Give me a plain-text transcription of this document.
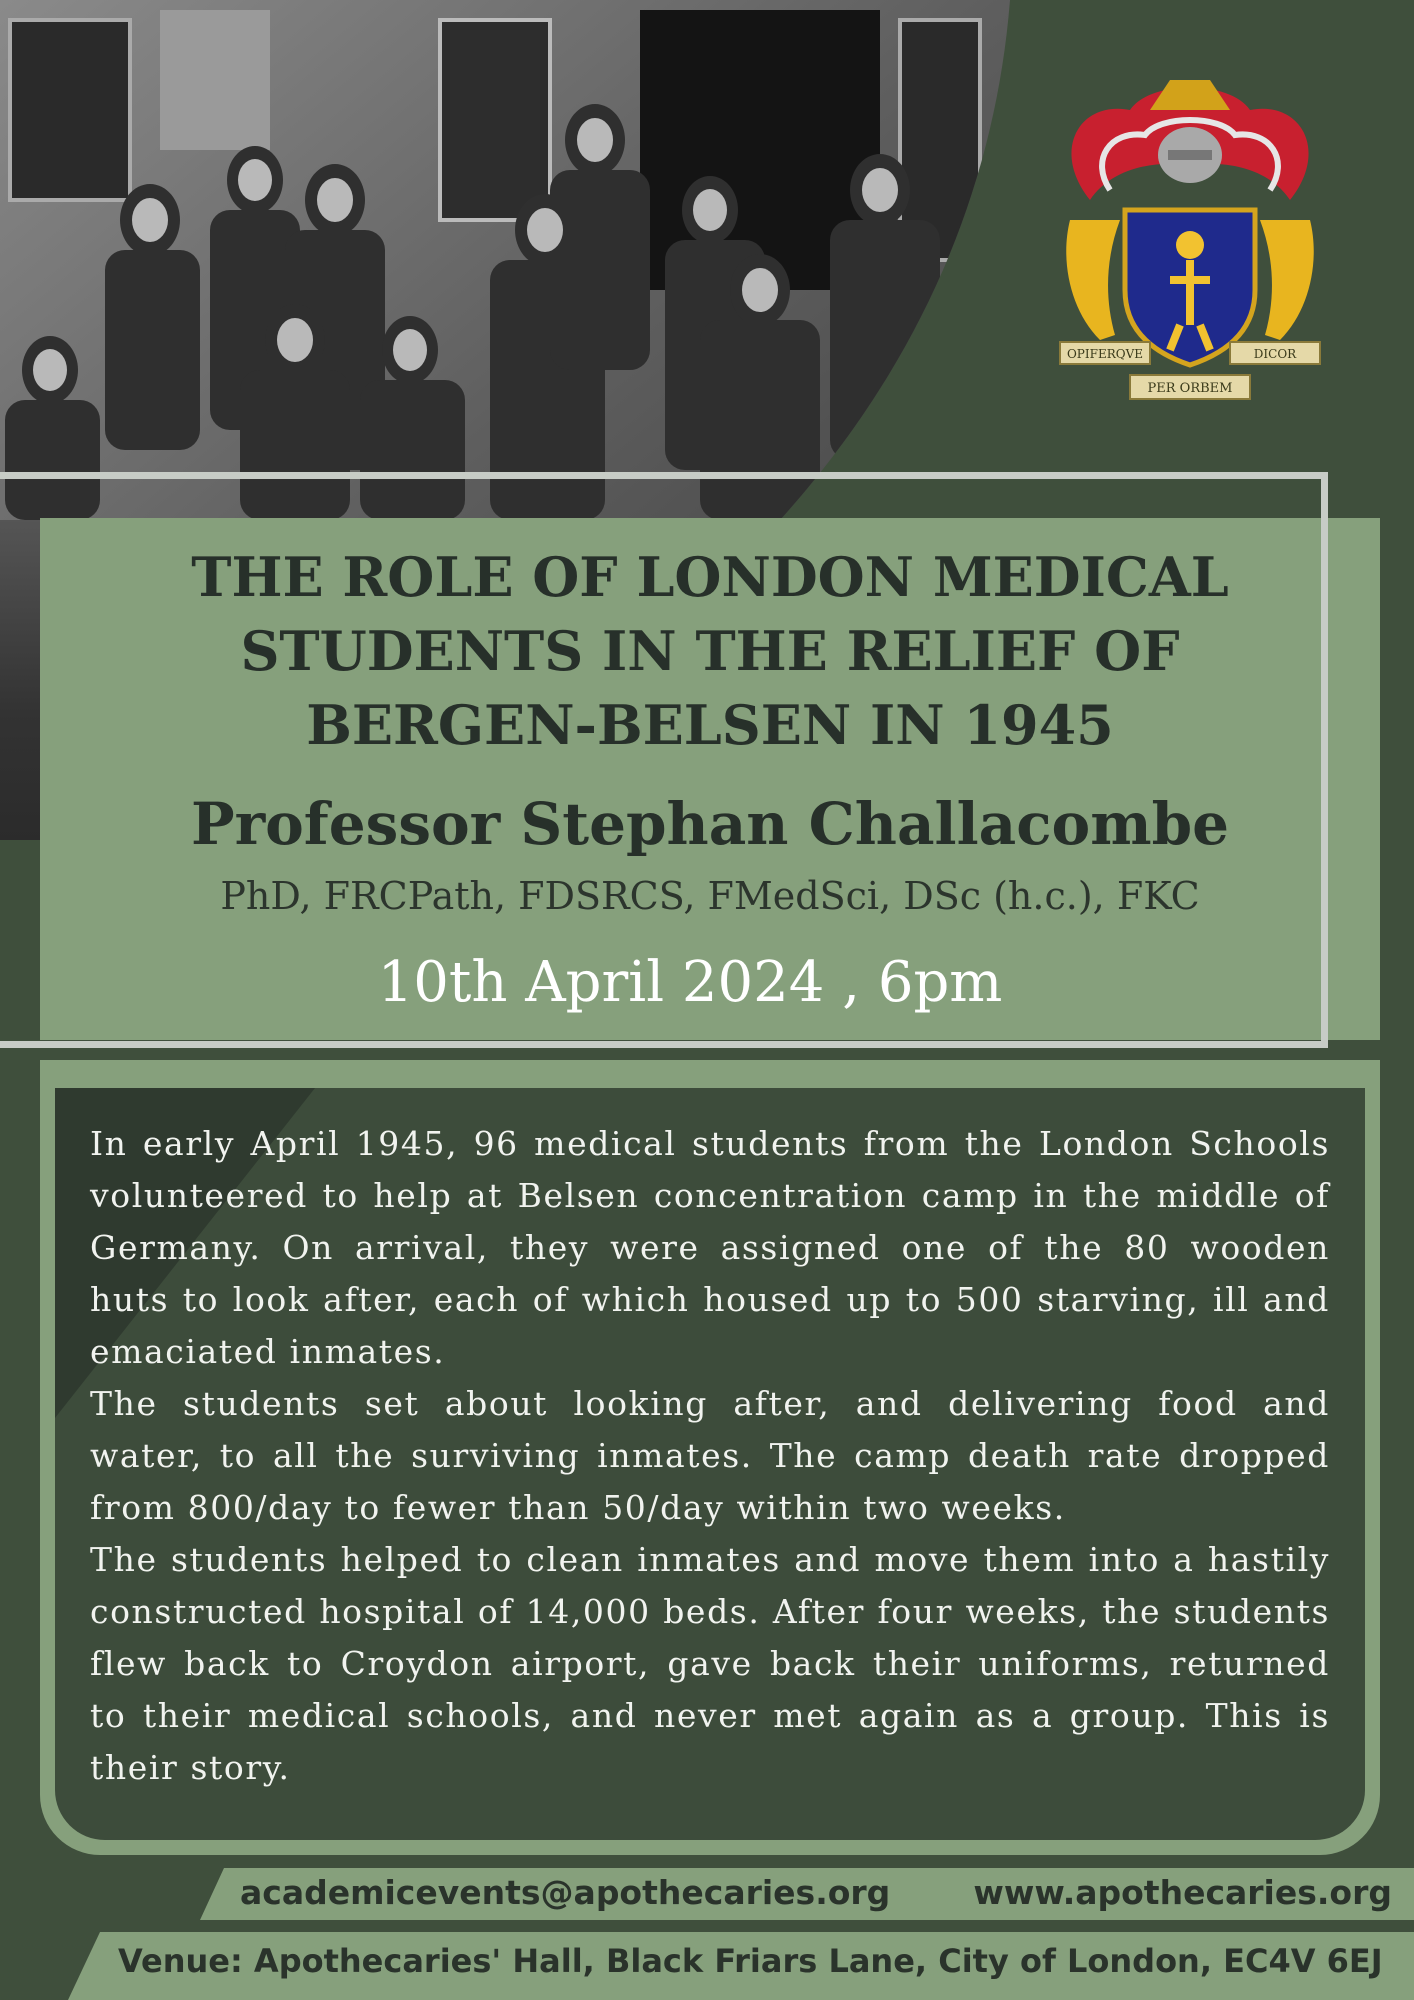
OPIFERQVE	DICOR
PER ORBEM
THE ROLE OF LONDON MEDICAL
STUDENTS IN THE RELIEF OF
BERGEN-BELSEN IN 1945

Professor Stephan Challacombe

PhD, FRCPath, FDSRCS, FMedSci, DSc (h.c.), FKC

10th April 2024 , 6pm

In early April 1945, 96 medical students from the London Schools volunteered to help at Belsen concentration camp in the middle of Germany. On arrival, they were assigned one of the 80 wooden huts to look after, each of which housed up to 500 starving, ill and emaciated inmates.
The students set about looking after, and delivering food and water, to all the surviving inmates. The camp death rate dropped from 800/day to fewer than 50/day within two weeks.
The students helped to clean inmates and move them into a hastily constructed hospital of 14,000 beds. After four weeks, the students flew back to Croydon airport, gave back their uniforms, returned to their medical schools, and never met again as a group. This is their story.
academicevents@apothecaries.org	www.apothecaries.org
Venue: Apothecaries' Hall, Black Friars Lane, City of London, EC4V 6EJ
